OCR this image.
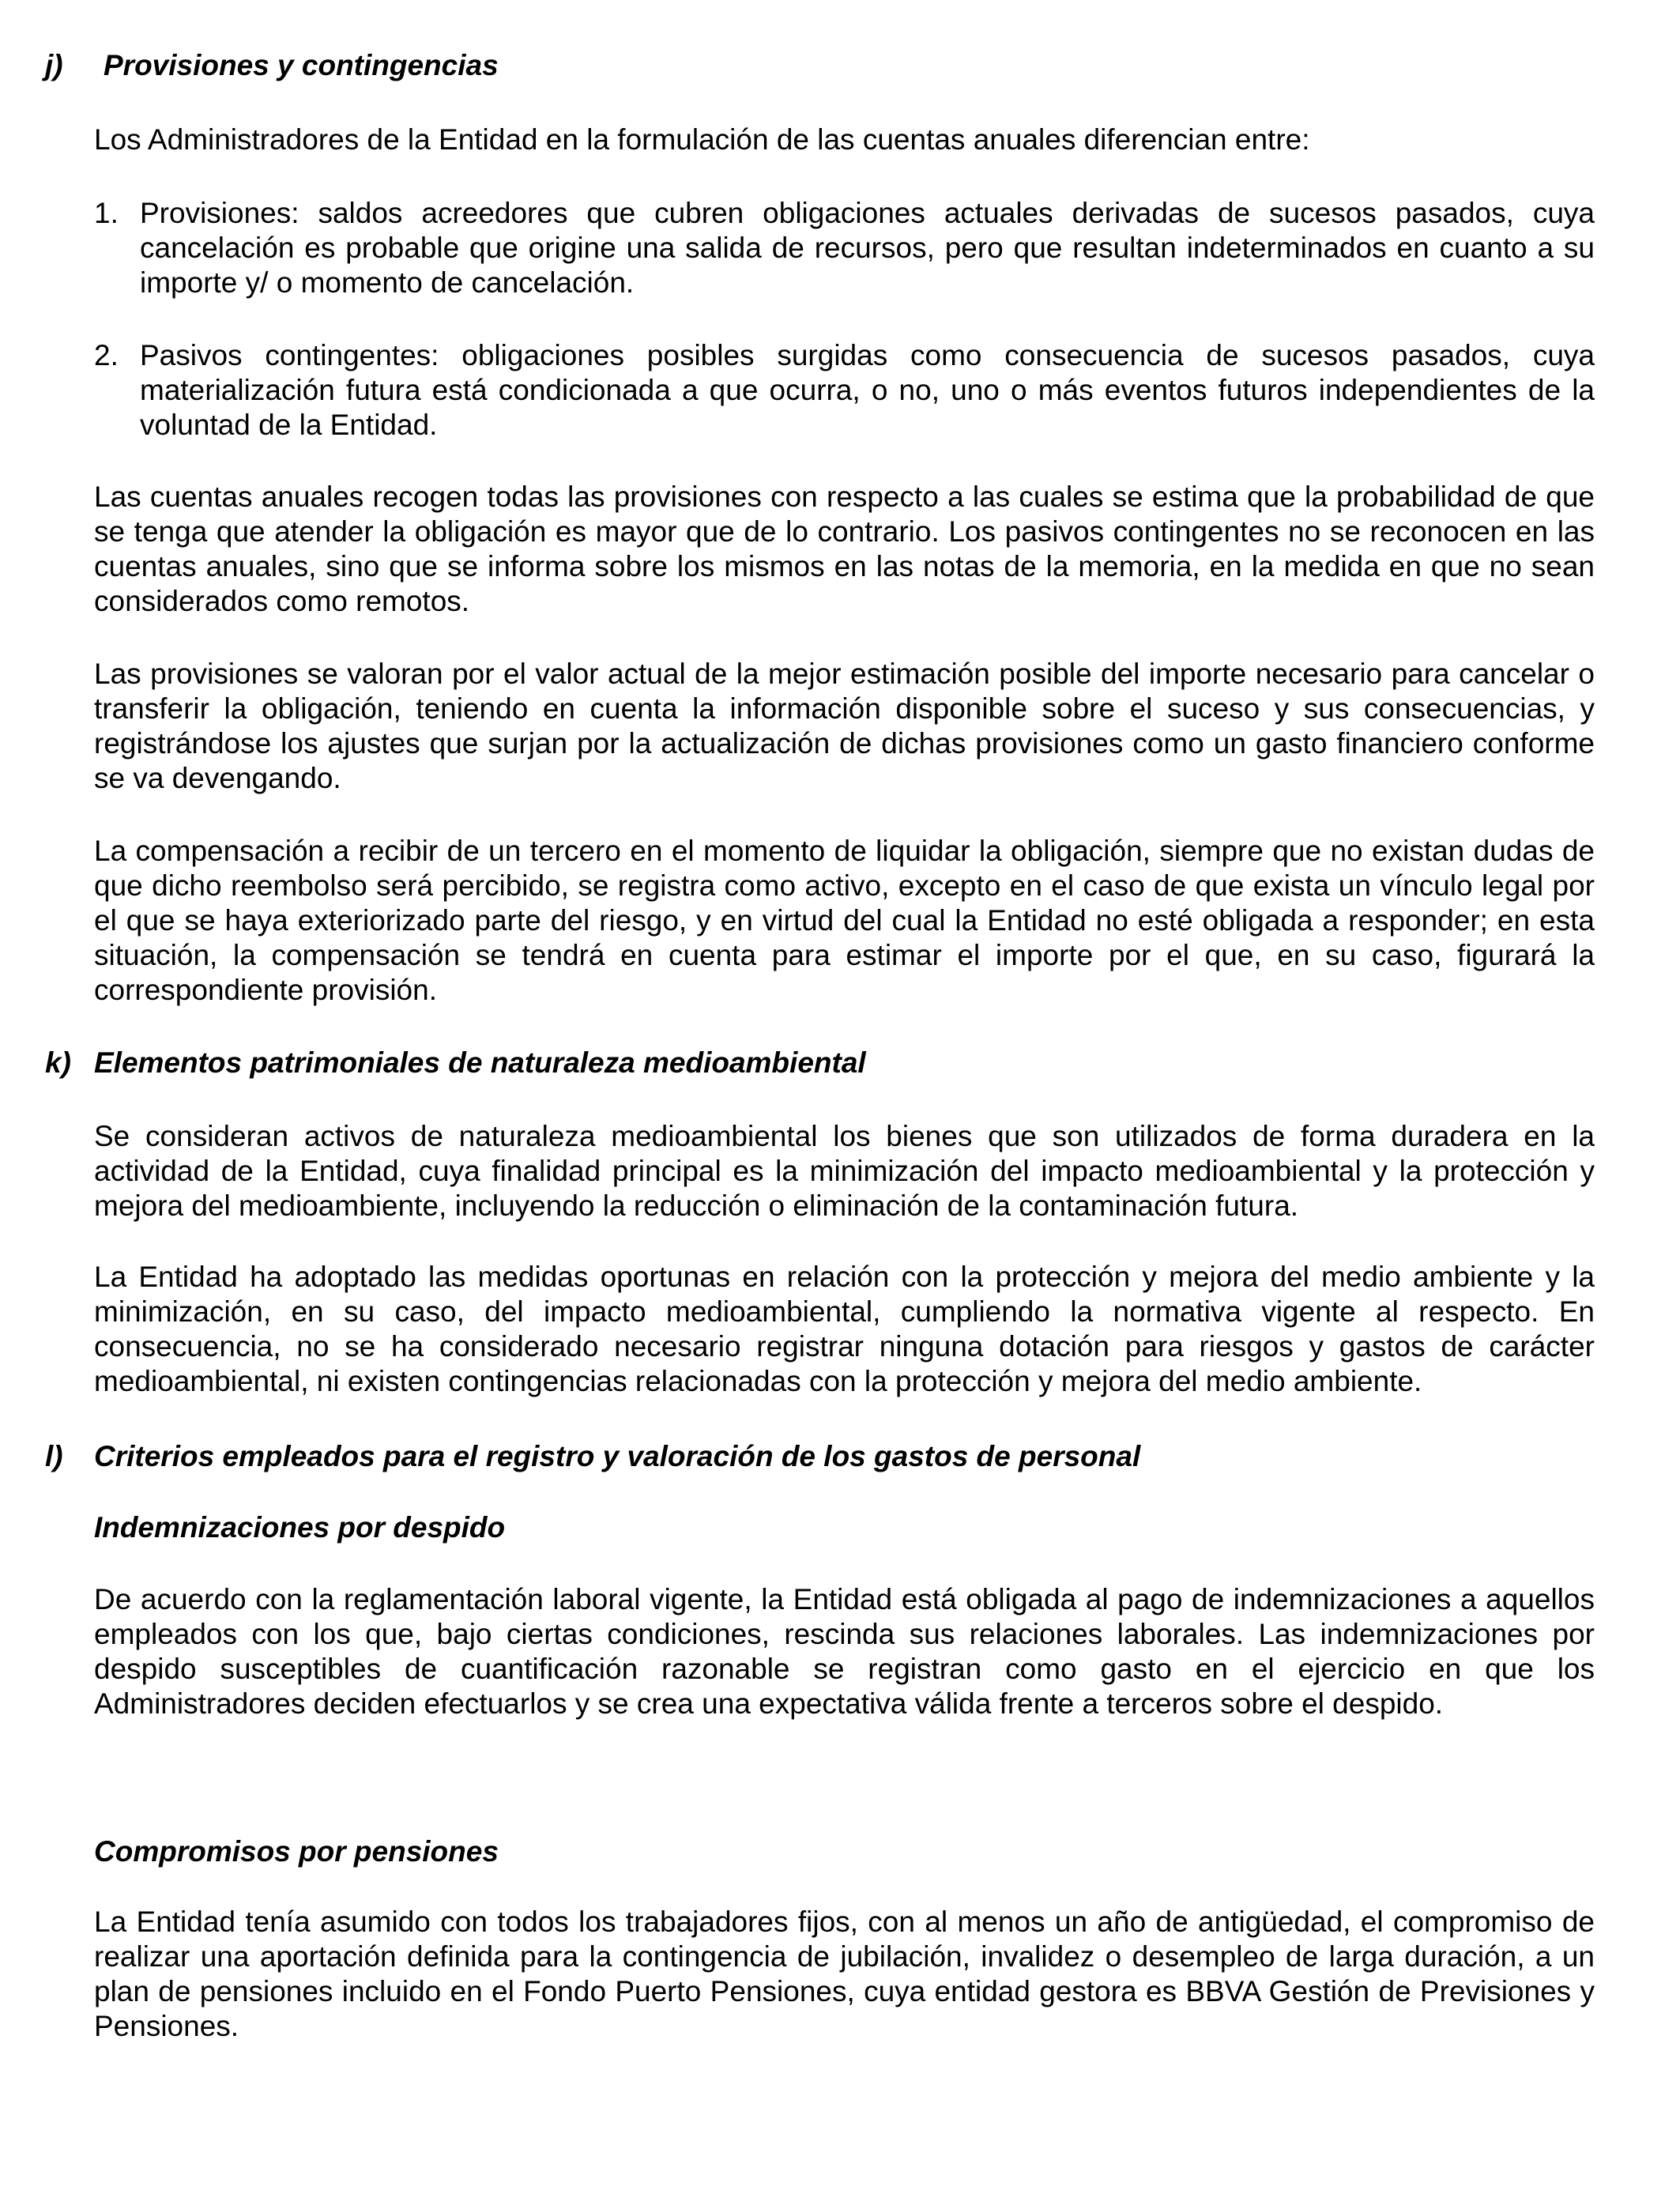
j) Provisiones y contingencias

Los Administradores de la Entidad en la formulación de las cuentas anuales diferencian entre:

1. Provisiones: saldos acreedores que cubren obligaciones actuales derivadas de sucesos pasados, cuya cancelación es probable que origine una salida de recursos, pero que resultan indeterminados en cuanto a su importe y/ o momento de cancelación.
2. Pasivos contingentes: obligaciones posibles surgidas como consecuencia de sucesos pasados, cuya materialización futura está condicionada a que ocurra, o no, uno o más eventos futuros independientes de la voluntad de la Entidad.

Las cuentas anuales recogen todas las provisiones con respecto a las cuales se estima que la probabilidad de que se tenga que atender la obligación es mayor que de lo contrario. Los pasivos contingentes no se reconocen en las cuentas anuales, sino que se informa sobre los mismos en las notas de la memoria, en la medida en que no sean considerados como remotos.

Las provisiones se valoran por el valor actual de la mejor estimación posible del importe necesario para cancelar o transferir la obligación, teniendo en cuenta la información disponible sobre el suceso y sus consecuencias, y registrándose los ajustes que surjan por la actualización de dichas provisiones como un gasto financiero conforme se va devengando.

La compensación a recibir de un tercero en el momento de liquidar la obligación, siempre que no existan dudas de que dicho reembolso será percibido, se registra como activo, excepto en el caso de que exista un vínculo legal por el que se haya exteriorizado parte del riesgo, y en virtud del cual la Entidad no esté obligada a responder; en esta situación, la compensación se tendrá en cuenta para estimar el importe por el que, en su caso, figurará la correspondiente provisión.

k) Elementos patrimoniales de naturaleza medioambiental

Se consideran activos de naturaleza medioambiental los bienes que son utilizados de forma duradera en la actividad de la Entidad, cuya finalidad principal es la minimización del impacto medioambiental y la protección y mejora del medioambiente, incluyendo la reducción o eliminación de la contaminación futura.

La Entidad ha adoptado las medidas oportunas en relación con la protección y mejora del medio ambiente y la minimización, en su caso, del impacto medioambiental, cumpliendo la normativa vigente al respecto. En consecuencia, no se ha considerado necesario registrar ninguna dotación para riesgos y gastos de carácter medioambiental, ni existen contingencias relacionadas con la protección y mejora del medio ambiente.

l) Criterios empleados para el registro y valoración de los gastos de personal
Indemnizaciones por despido

De acuerdo con la reglamentación laboral vigente, la Entidad está obligada al pago de indemnizaciones a aquellos empleados con los que, bajo ciertas condiciones, rescinda sus relaciones laborales. Las indemnizaciones por despido susceptibles de cuantificación razonable se registran como gasto en el ejercicio en que los Administradores deciden efectuarlos y se crea una expectativa válida frente a terceros sobre el despido.

Compromisos por pensiones

La Entidad tenía asumido con todos los trabajadores fijos, con al menos un año de antigüedad, el compromiso de realizar una aportación definida para la contingencia de jubilación, invalidez o desempleo de larga duración, a un plan de pensiones incluido en el Fondo Puerto Pensiones, cuya entidad gestora es BBVA Gestión de Previsiones y Pensiones.
